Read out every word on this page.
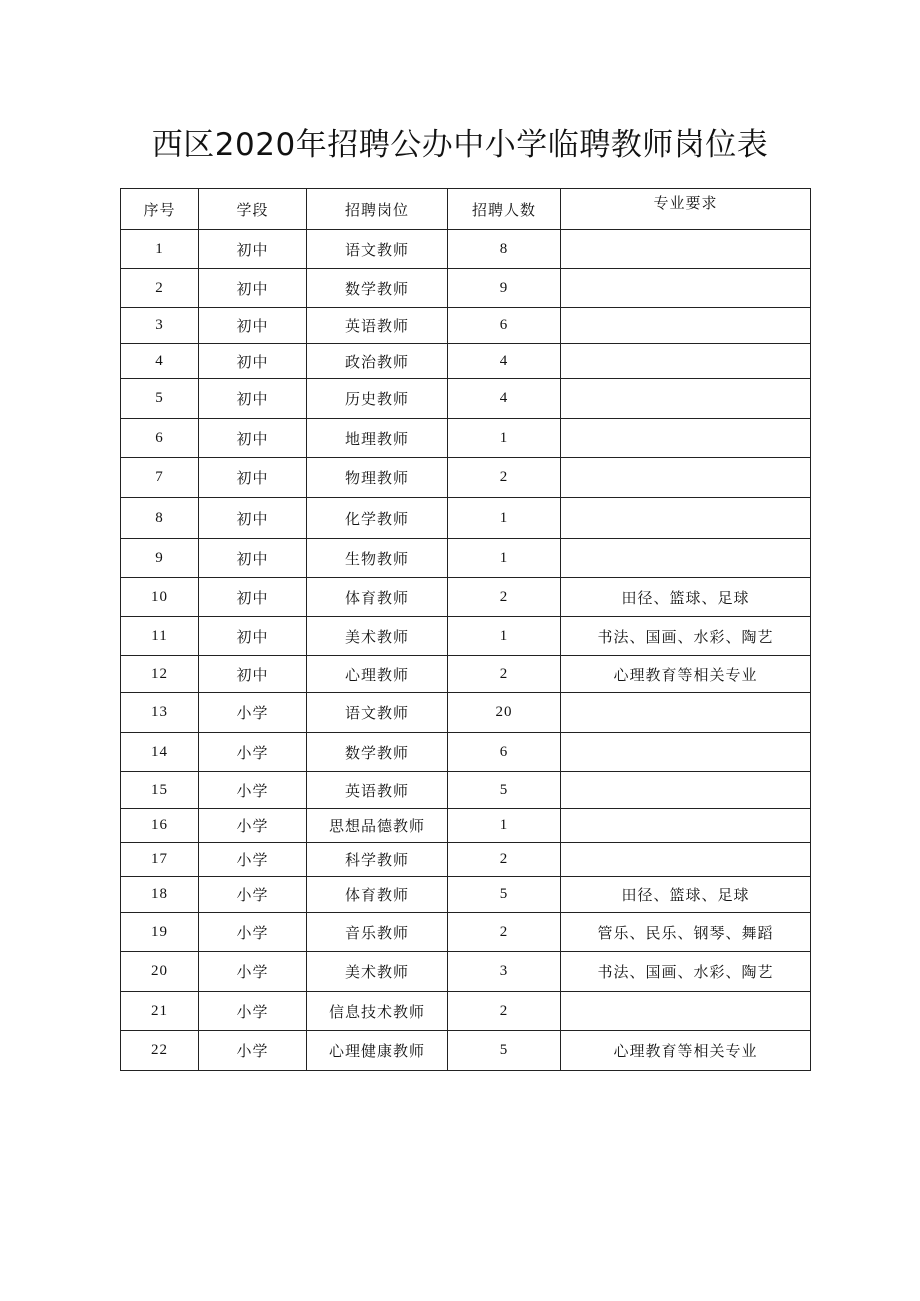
西区2020年招聘公办中小学临聘教师岗位表
序号	学段	招聘岗位	招聘人数	专业要求
1	初中	语文教师	8	
2	初中	数学教师	9	
3	初中	英语教师	6	
4	初中	政治教师	4	
5	初中	历史教师	4	
6	初中	地理教师	1	
7	初中	物理教师	2	
8	初中	化学教师	1	
9	初中	生物教师	1	
10	初中	体育教师	2	田径、篮球、足球
11	初中	美术教师	1	书法、国画、水彩、陶艺
12	初中	心理教师	2	心理教育等相关专业
13	小学	语文教师	20	
14	小学	数学教师	6	
15	小学	英语教师	5	
16	小学	思想品德教师	1	
17	小学	科学教师	2	
18	小学	体育教师	5	田径、篮球、足球
19	小学	音乐教师	2	管乐、民乐、钢琴、舞蹈
20	小学	美术教师	3	书法、国画、水彩、陶艺
21	小学	信息技术教师	2	
22	小学	心理健康教师	5	心理教育等相关专业
